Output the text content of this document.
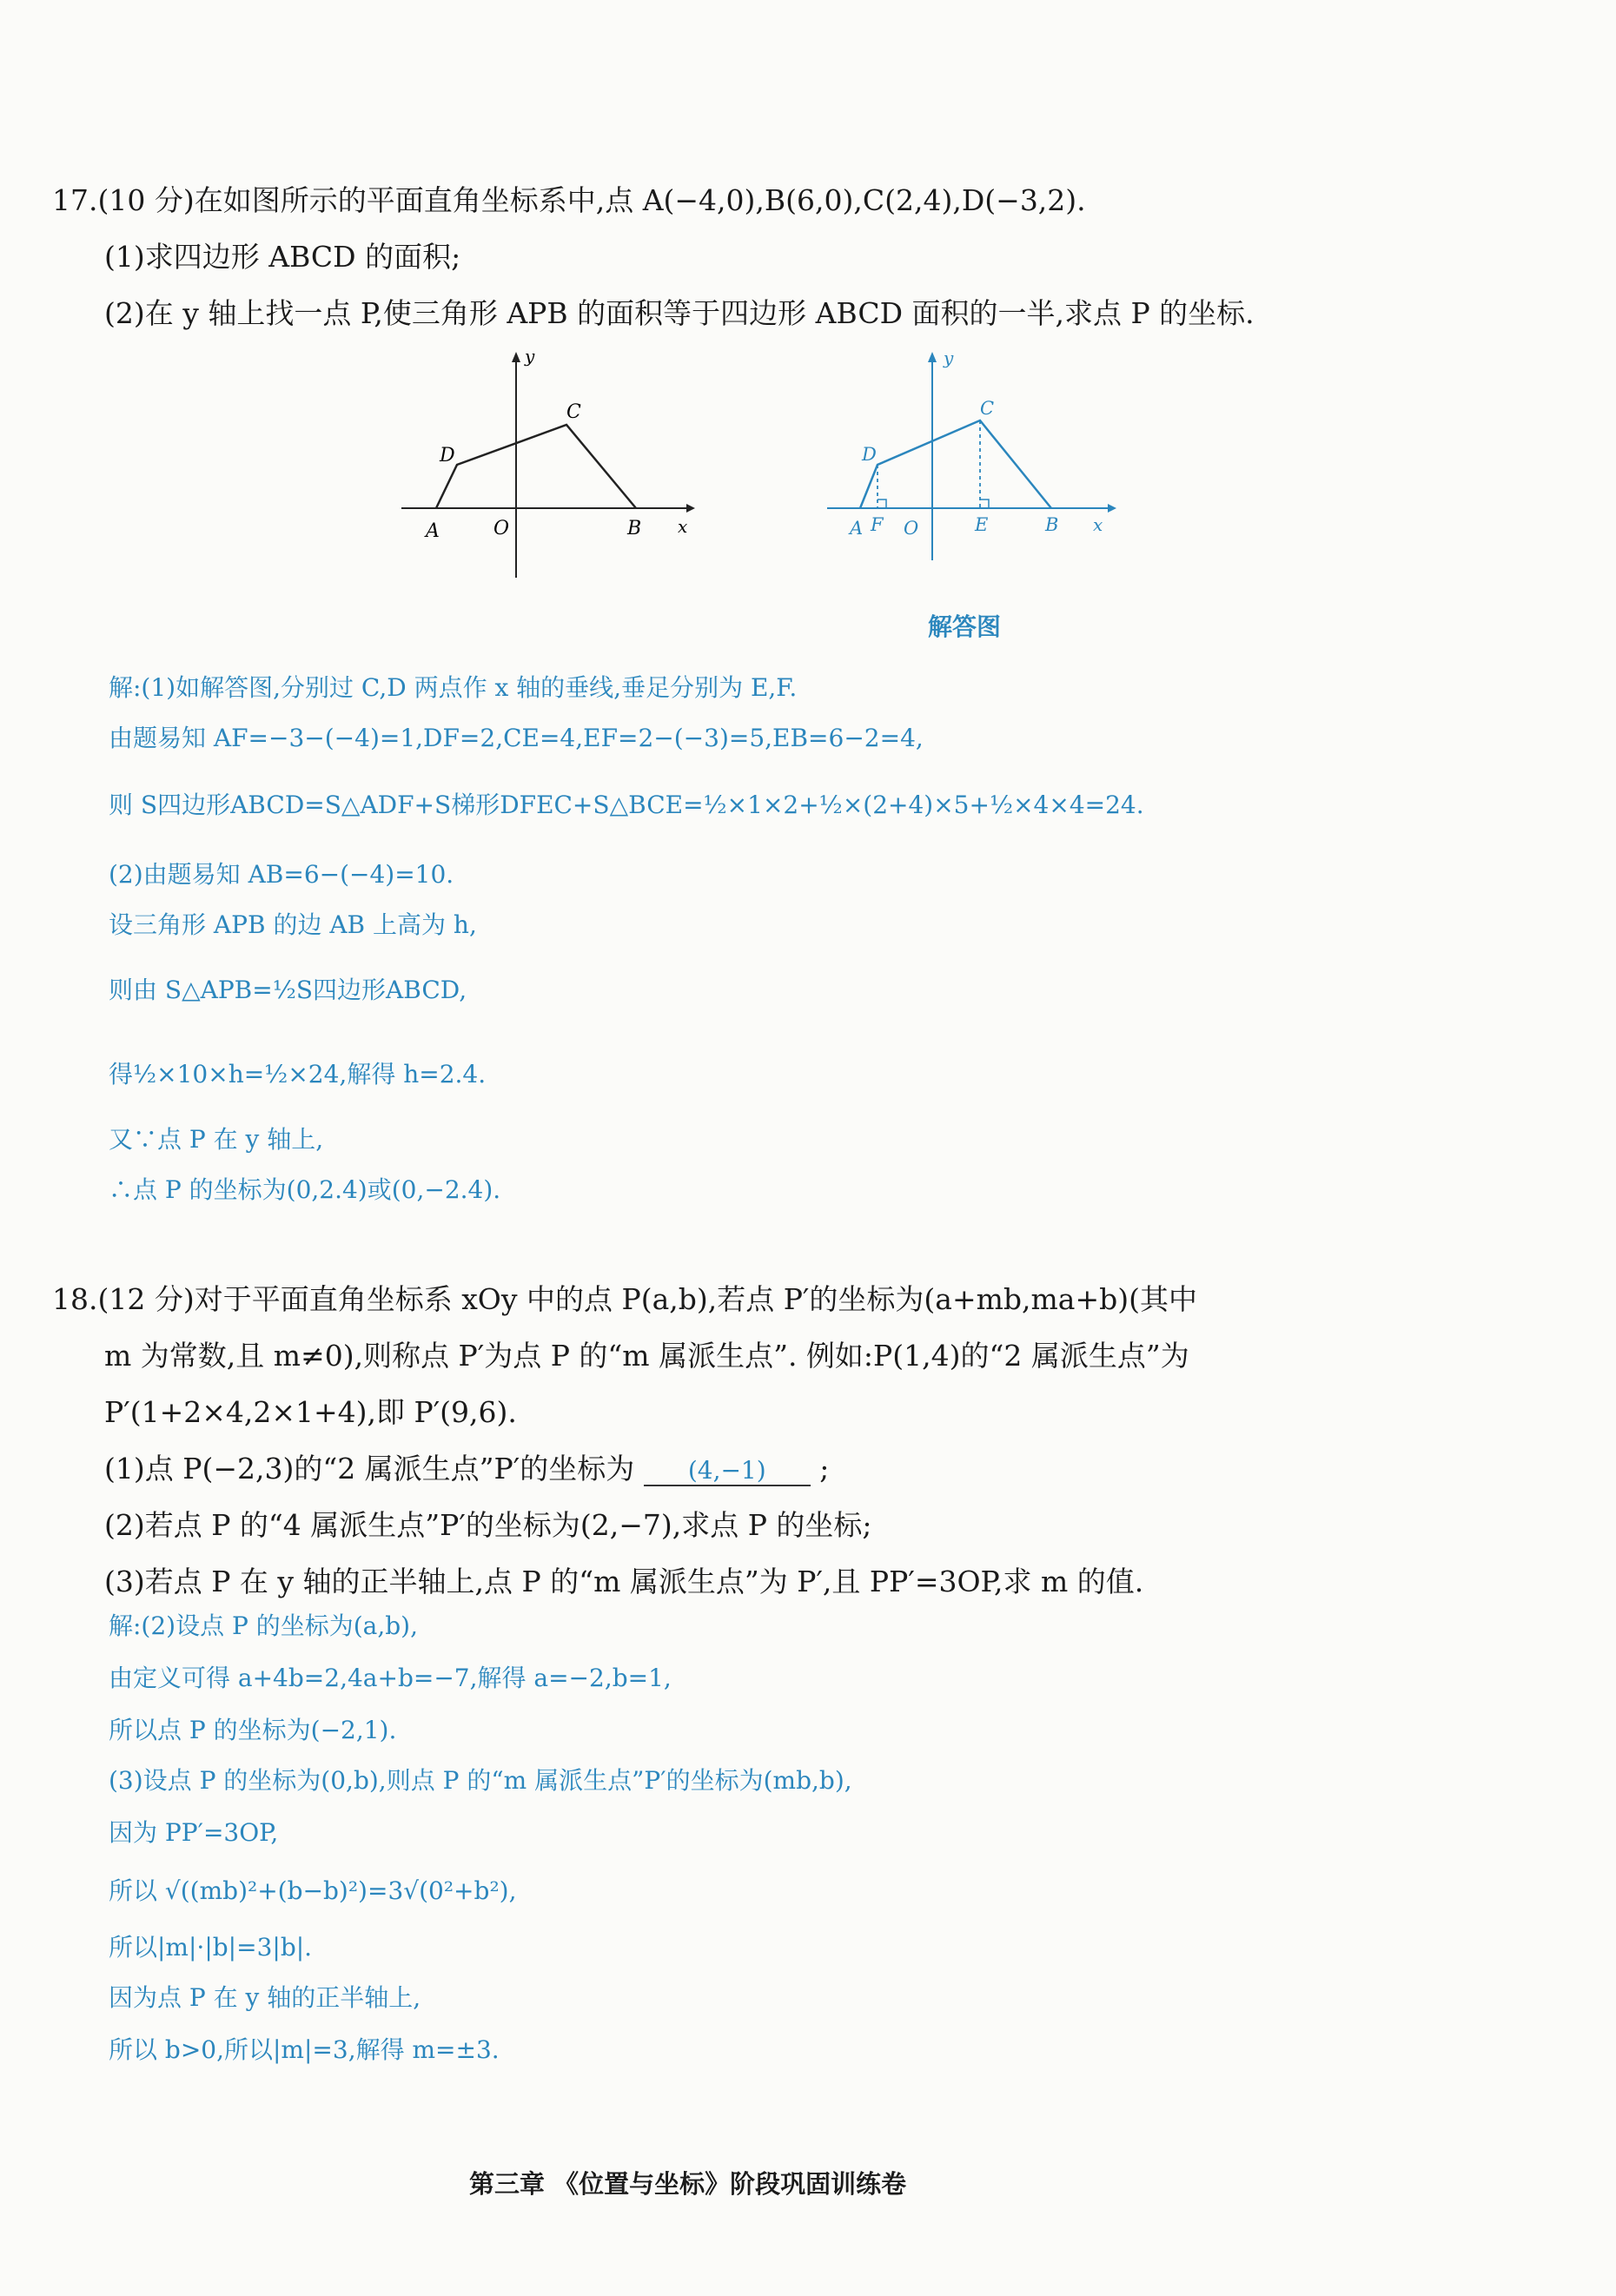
17.(10 分)在如图所示的平面直角坐标系中,点 A(−4,0),B(6,0),C(2,4),D(−3,2).
(1)求四边形 ABCD 的面积;
(2)在 y 轴上找一点 P,使三角形 APB 的面积等于四边形 ABCD 面积的一半,求点 P 的坐标.
y
x
A	O	B
C
D
y
x
A F O	E	B
C
D
解答图
解:(1)如解答图,分别过 C,D 两点作 x 轴的垂线,垂足分别为 E,F.
由题易知 AF=−3−(−4)=1,DF=2,CE=4,EF=2−(−3)=5,EB=6−2=4,
则 S四边形ABCD=S△ADF+S梯形DFEC+S△BCE=½×1×2+½×(2+4)×5+½×4×4=24.
(2)由题易知 AB=6−(−4)=10.
设三角形 APB 的边 AB 上高为 h,
则由 S△APB=½S四边形ABCD,
得½×10×h=½×24,解得 h=2.4.
又∵点 P 在 y 轴上,
∴点 P 的坐标为(0,2.4)或(0,−2.4).
18.(12 分)对于平面直角坐标系 xOy 中的点 P(a,b),若点 P′的坐标为(a+mb,ma+b)(其中
m 为常数,且 m≠0),则称点 P′为点 P 的“m 属派生点”. 例如:P(1,4)的“2 属派生点”为
P′(1+2×4,2×1+4),即 P′(9,6).
(1)点 P(−2,3)的“2 属派生点”P′的坐标为 (4,−1) ;
(2)若点 P 的“4 属派生点”P′的坐标为(2,−7),求点 P 的坐标;
(3)若点 P 在 y 轴的正半轴上,点 P 的“m 属派生点”为 P′,且 PP′=3OP,求 m 的值.
解:(2)设点 P 的坐标为(a,b),
由定义可得 a+4b=2,4a+b=−7,解得 a=−2,b=1,
所以点 P 的坐标为(−2,1).
(3)设点 P 的坐标为(0,b),则点 P 的“m 属派生点”P′的坐标为(mb,b),
因为 PP′=3OP,
所以 √((mb)²+(b−b)²)=3√(0²+b²),
所以|m|·|b|=3|b|.
因为点 P 在 y 轴的正半轴上,
所以 b>0,所以|m|=3,解得 m=±3.
第三章 《位置与坐标》阶段巩固训练卷
